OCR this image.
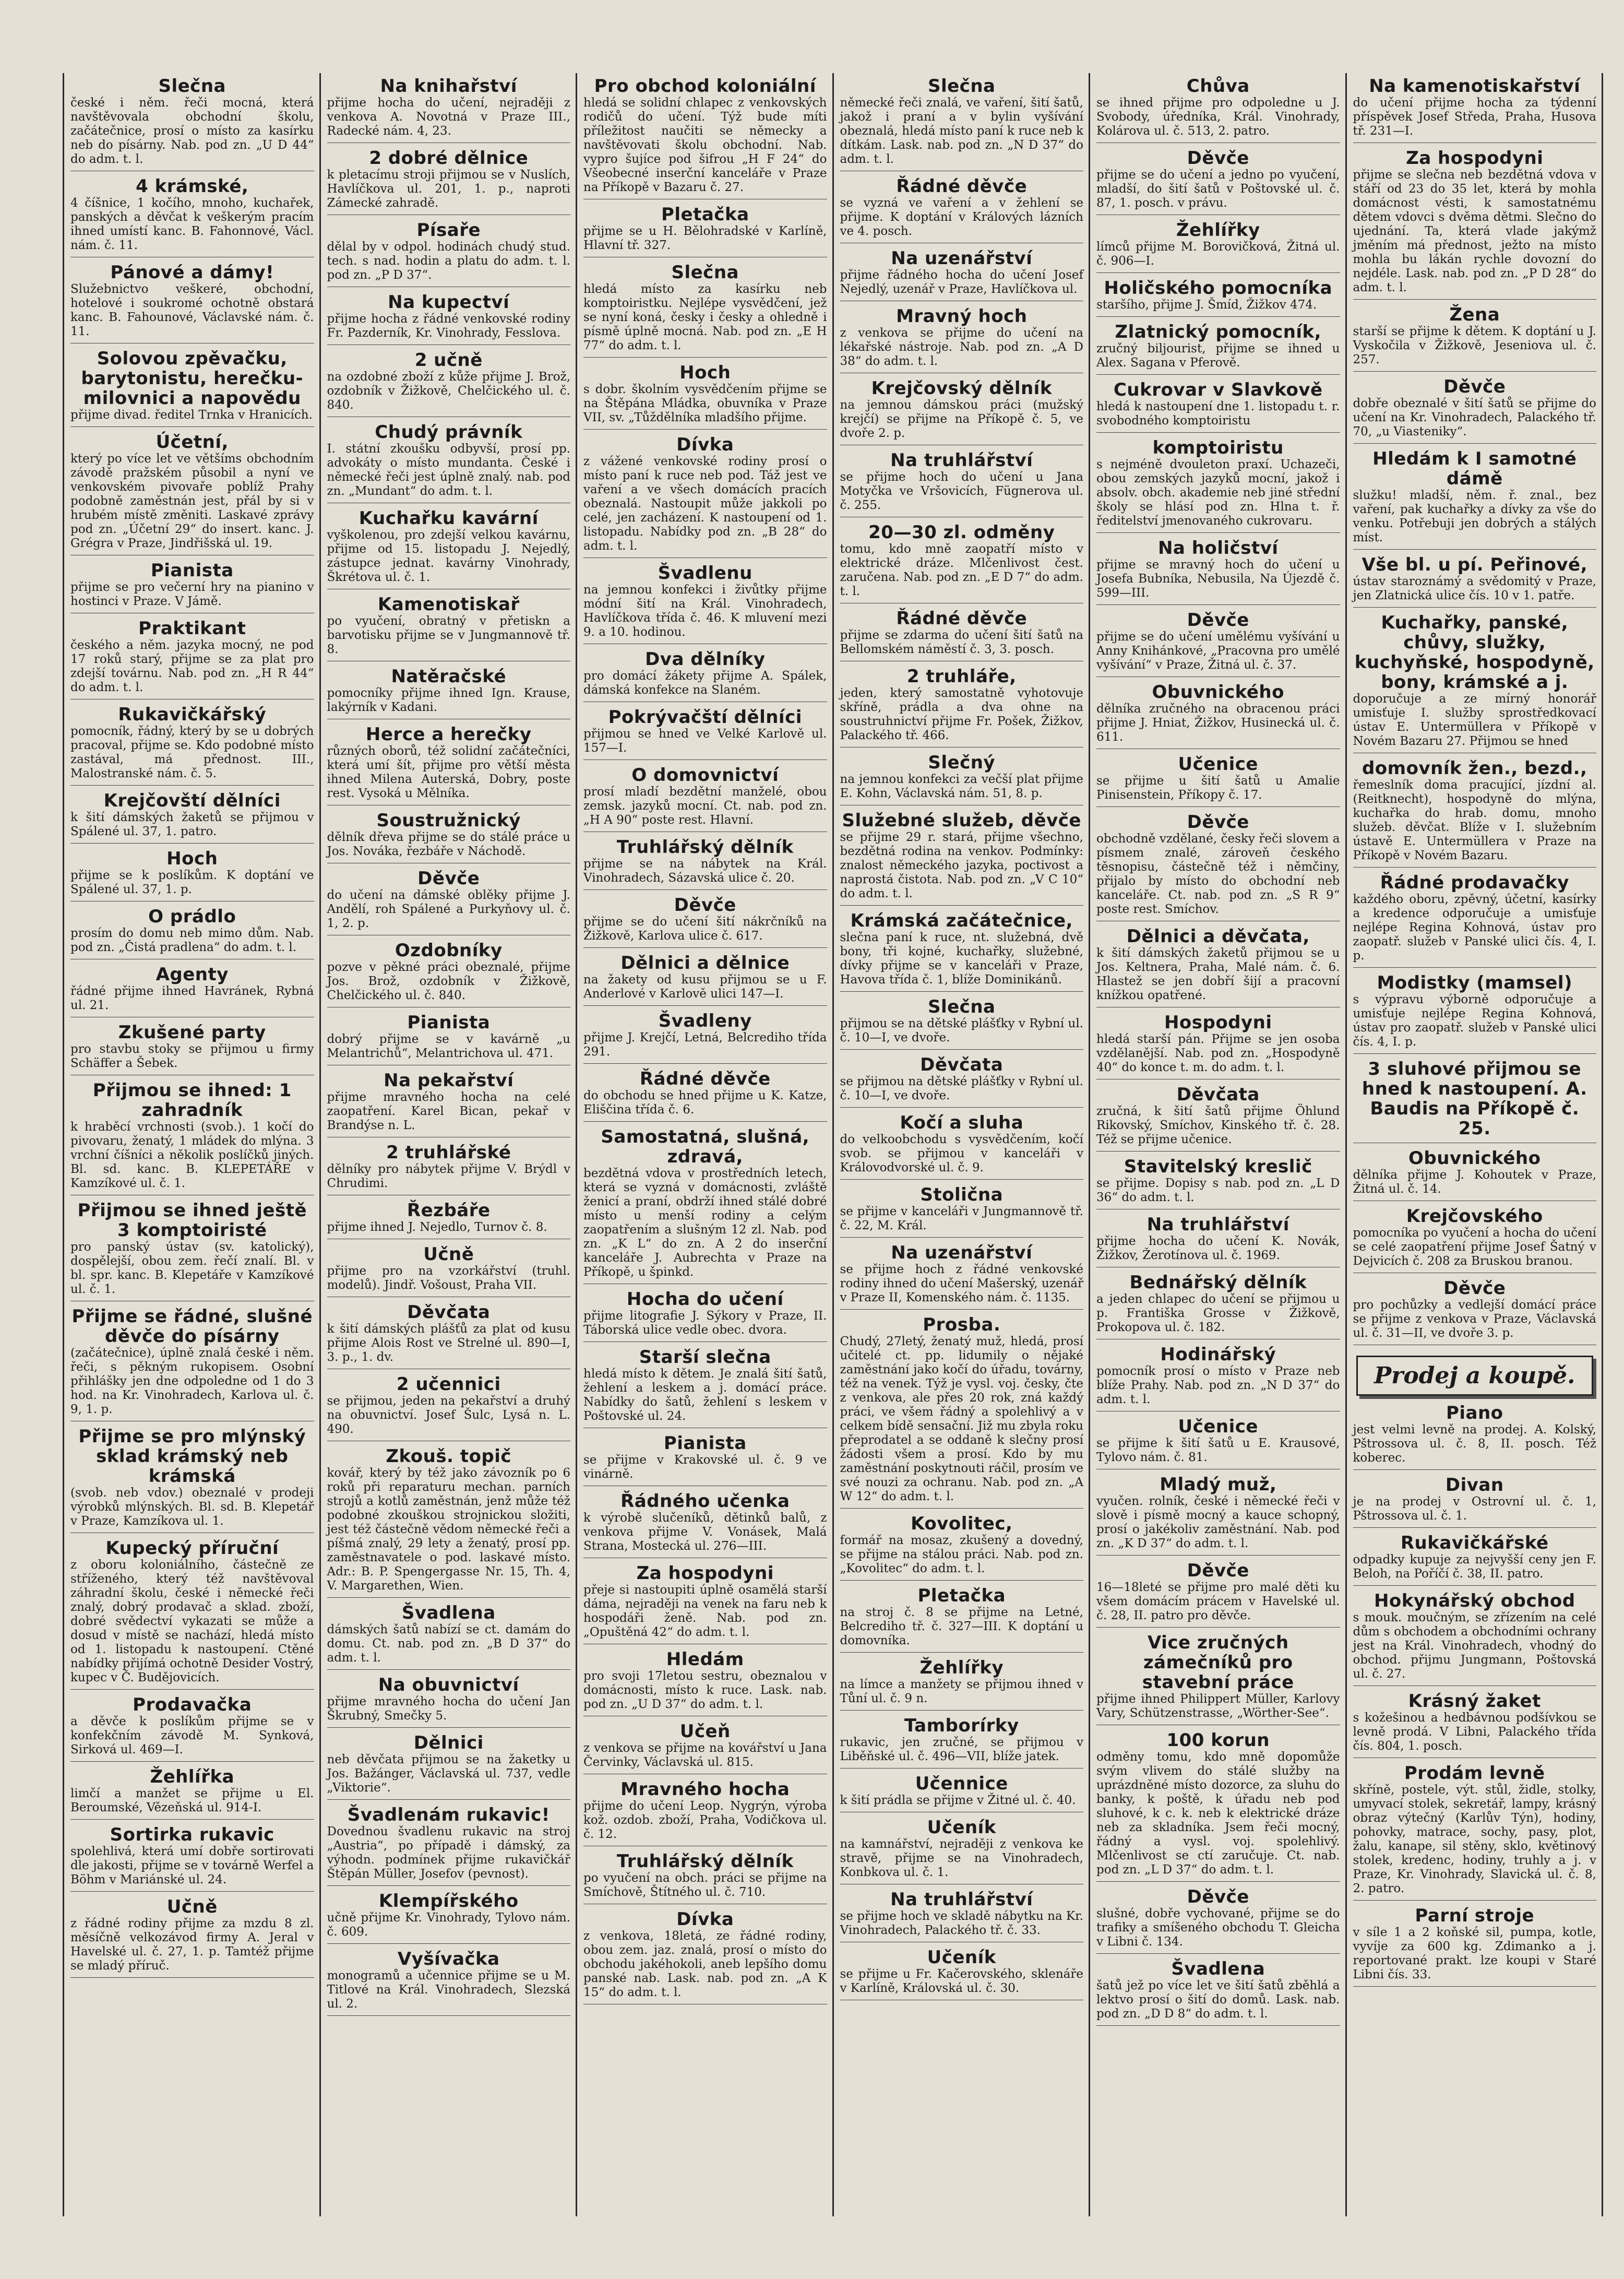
Slečna
české i něm. řeči mocná, která navštěvovala obchodní školu, začátečnice, prosí o místo za kasírku neb do písárny. Nab. pod zn. „U D 44“ do adm. t. l.
4 krámské,
4 číšnice, 1 kočího, mnoho, kuchařek, panských a děvčat k veškerým pracím ihned umístí kanc. B. Fahonnové, Václ. nám. č. 11.
Pánové a dámy!
Služebnictvo veškeré, obchodní, hotelové i soukromé ochotně obstará kanc. B. Fahounové, Václavské nám. č. 11.
Solovou zpěvačku, barytonistu, herečku-milovnici a napovědu
přijme divad. ředitel Trnka v Hranicích.
Účetní,
který po více let ve většíms obchodním závodě pražském působil a nyní ve venkovském pivovaře poblíž Prahy podobně zaměstnán jest, přál by si v hrubém místě změniti. Laskavé zprávy pod zn. „Účetní 29“ do insert. kanc. J. Grégra v Praze, Jindřišská ul. 19.
Pianista
přijme se pro večerní hry na pianino v hostinci v Praze. V Jámě.
Praktikant
českého a něm. jazyka mocný, ne pod 17 roků starý, přijme se za plat pro zdejší továrnu. Nab. pod zn. „H R 44“ do adm. t. l.
Rukavičkářský
pomocník, řádný, který by se u dobrých pracoval, přijme se. Kdo podobné místo zastával, má přednost. III., Malostranské nám. č. 5.
Krejčovští dělníci
k šití dámských žaketů se přijmou v Spálené ul. 37, 1. patro.
Hoch
přijme se k poslíkům. K doptání ve Spálené ul. 37, 1. p.
O prádlo
prosím do domu neb mimo dům. Nab. pod zn. „Čistá pradlena“ do adm. t. l.
Agenty
řádné přijme ihned Havránek, Rybná ul. 21.
Zkušené party
pro stavbu stoky se přijmou u firmy Schäffer a Šebek.
Přijmou se ihned: 1 zahradník
k hraběcí vrchnosti (svob.). 1 kočí do pivovaru, ženatý, 1 mládek do mlýna. 3 vrchní číšníci a několik poslíčků jiných. Bl. sd. kanc. B. KLEPETÁŘE v Kamzíkové ul. č. 1.
Přijmou se ihned ještě 3 komptoiristé
pro panský ústav (sv. katolický), dospělejší, obou zem. řečí znalí. Bl. v bl. spr. kanc. B. Klepetáře v Kamzíkové ul. č. 1.
Přijme se řádné, slušné děvče do písárny
(začátečnice), úplně znalá české i něm. řeči, s pěkným rukopisem. Osobní přihlášky jen dne odpoledne od 1 do 3 hod. na Kr. Vinohradech, Karlova ul. č. 9, 1. p.
Přijme se pro mlýnský sklad krámský neb krámská
(svob. neb vdov.) obeznalé v prodeji výrobků mlýnských. Bl. sd. B. Klepetář v Praze, Kamzíkova ul. 1.
Kupecký příruční
z oboru koloniálního, částečně ze stříženého, který též navštěvoval záhradní školu, české i německé řeči znalý, dobrý prodavač a sklad. zboží, dobré svědectví vykazati se může a dosud v místě se nachází, hledá místo od 1. listopadu k nastoupení. Ctěné nabídky přijímá ochotně Desider Vostrý, kupec v Č. Budějovicích.
Prodavačka
a děvče k poslíkům přijme se v konfekčním závodě M. Synková, Sirková ul. 469—I.
Žehlířka
limčí a manžet se přijme u El. Beroumské, Vězeňská ul. 914-I.
Sortirka rukavic
spolehlivá, která umí dobře sortirovati dle jakosti, přijme se v továrně Werfel a Böhm v Mariánské ul. 24.
Učně
z řádné rodiny přijme za mzdu 8 zl. měsíčně velkozávod firmy A. Jeral v Havelské ul. č. 27, 1. p. Tamtéž přijme se mladý příruč.
Na knihařství
přijme hocha do učení, nejraději z venkova A. Novotná v Praze III., Radecké nám. 4, 23.
2 dobré dělnice
k pletacímu stroji přijmou se v Nuslích, Havlíčkova ul. 201, 1. p., naproti Zámecké zahradě.
Písaře
dělal by v odpol. hodinách chudý stud. tech. s nad. hodin a platu do adm. t. l. pod zn. „P D 37“.
Na kupectví
přijme hocha z řádné venkovské rodiny Fr. Pazderník, Kr. Vinohrady, Fesslova.
2 učně
na ozdobné zboží z kůže přijme J. Brož, ozdobník v Žižkově, Chelčického ul. č. 840.
Chudý právník
I. státní zkoušku odbyvší, prosí pp. advokáty o místo mundanta. České i německé řeči jest úplně znalý. nab. pod zn. „Mundant“ do adm. t. l.
Kuchařku kavární
vyškolenou, pro zdejší velkou kavárnu, přijme od 15. listopadu J. Nejedlý, zástupce jednat. kavárny Vinohrady, Škrétova ul. č. 1.
Kamenotiskař
po vyučení, obratný v přetiskn a barvotisku přijme se v Jungmannově tř. 8.
Natěračské
pomocníky přijme ihned Ign. Krause, lakýrník v Kadani.
Herce a herečky
různých oborů, též solidní začátečníci, která umí šít, přijme pro větší města ihned Milena Auterská, Dobry, poste rest. Vysoká u Mělníka.
Soustružnický
dělník dřeva přijme se do stálé práce u Jos. Nováka, řezbáře v Náchodě.
Děvče
do učení na dámské oblěky přijme J. Andělí, roh Spálené a Purkyňovy ul. č. 1, 2. p.
Ozdobníky
pozve v pěkné práci obeznalé, přijme Jos. Brož, ozdobník v Žižkově, Chelčického ul. č. 840.
Pianista
dobrý přijme se v kavárně „u Melantrichů“, Melantrichova ul. 471.
Na pekařství
přijme mravného hocha na celé zaopatření. Karel Bican, pekař v Brandýse n. L.
2 truhlářské
dělníky pro nábytek přijme V. Brýdl v Chrudimi.
Řezbáře
přijme ihned J. Nejedlo, Turnov č. 8.
Učně
přijme pro na vzorkářství (truhl. modelů). Jindř. Vošoust, Praha VII.
Děvčata
k šití dámských plášťů za plat od kusu přijme Alois Rost ve Strelné ul. 890—I, 3. p., 1. dv.
2 učennici
se přijmou, jeden na pekařství a druhý na obuvnictví. Josef Šulc, Lysá n. L. 490.
Zkouš. topič
kovář, který by též jako závozník po 6 roků při reparaturu mechan. parních strojů a kotlů zaměstnán, jenž může též podobné zkouškou strojnickou složiti, jest též částečně vědom německé řeči a píšmá znalý, 29 lety a ženatý, prosí pp. zaměstnavatele o pod. laskavé místo. Adr.: B. P. Spengergasse Nr. 15, Th. 4, V. Margarethen, Wien.
Švadlena
dámských šatů nabízí se ct. damám do domu. Ct. nab. pod zn. „B D 37“ do adm. t. l.
Na obuvnictví
přijme mravného hocha do učení Jan Škrubný, Smečky 5.
Dělnici
neb děvčata přijmou se na žaketky u Jos. Bažánger, Václavská ul. 737, vedle „Viktorie“.
Švadlenám rukavic!
Dovednou švadlenu rukavic na stroj „Austria“, po případě i dámský, za výhodn. podmínek přijme rukavičkář Štěpán Müller, Josefov (pevnost).
Klempířského
učně přijme Kr. Vinohrady, Tylovo nám. č. 609.
Vyšívačka
monogramů a učennice přijme se u M. Titlové na Král. Vinohradech, Slezská ul. 2.
Pro obchod koloniální
hledá se solidní chlapec z venkovských rodičů do učení. Týž bude míti příležitost naučiti se německy a navštěvovati školu obchodní. Nab. vypro šujíce pod šifrou „H F 24“ do Všeobecné inserční kanceláře v Praze na Příkopě v Bazaru č. 27.
Pletačka
přijme se u H. Bělohradské v Karlíně, Hlavní tř. 327.
Slečna
hledá místo za kasírku neb komptoiristku. Nejlépe vysvědčení, jež se nyní koná, česky i česky a ohledně i písmě úplně mocná. Nab. pod zn. „E H 77“ do adm. t. l.
Hoch
s dobr. školním vysvědčením přijme se na Štěpána Mládka, obuvníka v Praze VII, sv. „Tůždělníka mladšího přijme.
Dívka
z vážené venkovské rodiny prosí o místo paní k ruce neb pod. Táž jest ve vaření a ve všech domácích pracích obeznalá. Nastoupit může jakkoli po celé, jen zacházení. K nastoupení od 1. listopadu. Nabídky pod zn. „B 28“ do adm. t. l.
Švadlenu
na jemnou konfekci i živůtky přijme módní šití na Král. Vinohradech, Havlíčkova třída č. 46. K mluvení mezi 9. a 10. hodinou.
Dva dělníky
pro domácí žákety přijme A. Spálek, dámská konfekce na Slaném.
Pokrývačští dělníci
přijmou se hned ve Velké Karlově ul. 157—I.
O domovnictví
prosí mladí bezdětní manželé, obou zemsk. jazyků mocní. Ct. nab. pod zn. „H A 90“ poste rest. Hlavní.
Truhlářský dělník
přijme se na nábytek na Král. Vinohradech, Sázavská ulice č. 20.
Děvče
přijme se do učení šití nákrčníků na Žižkově, Karlova ulice č. 617.
Dělnici a dělnice
na žakety od kusu přijmou se u F. Anderlové v Karlově ulici 147—I.
Švadleny
přijme J. Krejčí, Letná, Belcrediho třída 291.
Řádné děvče
do obchodu se hned přijme u K. Katze, Eliščina třída č. 6.
Samostatná, slušná, zdravá,
bezdětná vdova v prostředních letech, která se vyzná v domácnosti, zvláště ženicí a praní, obdrží ihned stálé dobré místo u menší rodiny a celým zaopatřením a slušným 12 zl. Nab. pod zn. „K L“ do zn. A 2 do inserční kanceláře J. Aubrechta v Praze na Příkopě, u špinkd.
Hocha do učení
přijme litografie J. Sýkory v Praze, II. Táborská ulice vedle obec. dvora.
Starší slečna
hledá místo k dětem. Je znalá šití šatů, žehlení a leskem a j. domácí práce. Nabídky do šatů, žehlení s leskem v Poštovské ul. 24.
Pianista
se přijme v Krakovské ul. č. 9 ve vinárně.
Řádného učenka
k výrobě slučeníků, dětinků balů, z venkova přijme V. Vonásek, Malá Strana, Mostecká ul. 276—III.
Za hospodyni
přeje si nastoupiti úplně osamělá starší dáma, nejraději na venek na faru neb k hospodáři ženě. Nab. pod zn. „Opuštěná 42“ do adm. t. l.
Hledám
pro svoji 17letou sestru, obeznalou v domácnosti, místo k ruce. Lask. nab. pod zn. „U D 37“ do adm. t. l.
Učeň
z venkova se přijme na kovářství u Jana Červinky, Václavská ul. 815.
Mravného hocha
přijme do učení Leop. Nygrýn, výroba kož. ozdob. zboží, Praha, Vodičkova ul. č. 12.
Truhlářský dělník
po vyučení na obch. práci se přijme na Smíchově, Štítného ul. č. 710.
Dívka
z venkova, 18letá, ze řádné rodiny, obou zem. jaz. znalá, prosí o místo do obchodu jakéhokoli, aneb lepšího domu panské nab. Lask. nab. pod zn. „A K 15“ do adm. t. l.
Slečna
německé řeči znalá, ve vaření, šití šatů, jakož i praní a v bylin vyšívání obeznalá, hledá místo paní k ruce neb k dítkám. Lask. nab. pod zn. „N D 37“ do adm. t. l.
Řádné děvče
se vyzná ve vaření a v žehlení se přijme. K doptání v Králových lázních ve 4. posch.
Na uzenářství
přijme řádného hocha do učení Josef Nejedlý, uzenář v Praze, Havlíčkova ul.
Mravný hoch
z venkova se přijme do učení na lékařské nástroje. Nab. pod zn. „A D 38“ do adm. t. l.
Krejčovský dělník
na jemnou dámskou práci (mužský krejčí) se přijme na Příkopě č. 5, ve dvoře 2. p.
Na truhlářství
se přijme hoch do učení u Jana Motyčka ve Vršovicích, Fügnerova ul. č. 255.
20—30 zl. odměny
tomu, kdo mně zaopatří místo v elektrické dráze. Mlčenlivost čest. zaručena. Nab. pod zn. „E D 7“ do adm. t. l.
Řádné děvče
přijme se zdarma do učení šití šatů na Bellomském náměstí č. 3, 3. posch.
2 truhláře,
jeden, který samostatně vyhotovuje skříně, prádla a dva ohne na soustruhnictví přijme Fr. Pošek, Žižkov, Palackého tř. 466.
Slečný
na jemnou konfekci za večší plat přijme E. Kohn, Václavská nám. 51, 8. p.
Služebné služeb, děvče
se přijme 29 r. stará, přijme všechno, bezdětná rodina na venkov. Podmínky: znalost německého jazyka, poctivost a naprostá čistota. Nab. pod zn. „V C 10“ do adm. t. l.
Krámská začátečnice,
slečna paní k ruce, nt. služebná, dvě bony, tři kojné, kuchařky, služebné, dívky přijme se v kanceláři v Praze, Havova třída č. 1, blíže Dominikánů.
Slečna
přijmou se na dětské plášťky v Rybní ul. č. 10—I, ve dvoře.
Děvčata
se přijmou na dětské plášťky v Rybní ul. č. 10—I, ve dvoře.
Kočí a sluha
do velkoobchodu s vysvědčením, kočí svob. se přijmou v kanceláři v Královodvorské ul. č. 9.
Stolična
se přijme v kanceláři v Jungmannově tř. č. 22, M. Král.
Na uzenářství
se přijme hoch z řádné venkovské rodiny ihned do učení Mašerský, uzenář v Praze II, Komenského nám. č. 1135.
Prosba.
Chudý, 27letý, ženatý muž, hledá, prosí učitelé ct. pp. lidumily o nějaké zaměstnání jako kočí do úřadu, továrny, též na venek. Týž je vysl. voj. česky, čte z venkova, ale přes 20 rok, zná každý práci, ve všem řádný a spolehlivý a v celkem bídě sensační. Již mu zbyla roku přeprodatel a se oddaně k slečny prosí žádosti všem a prosí. Kdo by mu zaměstnání poskytnouti ráčil, prosím ve své nouzi za ochranu. Nab. pod zn. „A W 12“ do adm. t. l.
Kovolitec,
formář na mosaz, zkušený a dovedný, se přijme na stálou práci. Nab. pod zn. „Kovolitec“ do adm. t. l.
Pletačka
na stroj č. 8 se přijme na Letné, Belcrediho tř. č. 327—III. K doptání u domovníka.
Žehlířky
na límce a manžety se přijmou ihned v Tůní ul. č. 9 n.
Tamborírky
rukavic, jen zručné, se přijmou v Liběňské ul. č. 496—VII, blíže jatek.
Učennice
k šití prádla se přijme v Žitné ul. č. 40.
Učeník
na kamnářství, nejraději z venkova ke stravě, přijme se na Vinohradech, Konbkova ul. č. 1.
Na truhlářství
se přijme hoch ve skladě nábytku na Kr. Vinohradech, Palackého tř. č. 33.
Učeník
se přijme u Fr. Kačerovského, sklenáře v Karlíně, Královská ul. č. 30.
Chůva
se ihned přijme pro odpoledne u J. Svobody, úředníka, Král. Vinohrady, Kolárova ul. č. 513, 2. patro.
Děvče
přijme se do učení a jedno po vyučení, mladší, do šití šatů v Poštovské ul. č. 87, 1. posch. v právu.
Žehlířky
límců přijme M. Borovičková, Žitná ul. č. 906—I.
Holičského pomocníka
staršího, přijme J. Šmíd, Žižkov 474.
Zlatnický pomocník,
zručný biljourist, přijme se ihned u Alex. Sagana v Pferově.
Cukrovar v Slavkově
hledá k nastoupení dne 1. listopadu t. r. svobodného komptoiristu
komptoiristu
s nejméně dvouleton praxí. Uchazeči, obou zemských jazyků mocní, jakož i absolv. obch. akademie neb jiné střední školy se hlásí pod zn. Hlna t. ř. ředitelství jmenovaného cukrovaru.
Na holičství
přijme se mravný hoch do učení u Josefa Bubníka, Nebusila, Na Újezdě č. 599—III.
Děvče
přijme se do učení umělému vyšívání u Anny Knihánkové, „Pracovna pro umělé vyšívání“ v Praze, Žitná ul. č. 37.
Obuvnického
dělníka zručného na obracenou práci přijme J. Hniat, Žižkov, Husinecká ul. č. 611.
Učenice
se přijme u šití šatů u Amalie Pinisenstein, Příkopy č. 17.
Děvče
obchodně vzdělané, česky řeči slovem a písmem znalé, zároveň českého těsnopisu, částečně též i němčiny, přijalo by místo do obchodní neb kanceláře. Ct. nab. pod zn. „S R 9“ poste rest. Smíchov.
Dělnici a děvčata,
k šití dámských žaketů přijmou se u Jos. Keltnera, Praha, Malé nám. č. 6. Hlastež se jen dobří šijí a pracovní knížkou opatřené.
Hospodyni
hledá starší pán. Přijme se jen osoba vzdělanější. Nab. pod zn. „Hospodyně 40“ do konce t. m. do adm. t. l.
Děvčata
zručná, k šití šatů přijme Öhlund Rikovský, Smíchov, Kinského tř. č. 28. Též se přijme učenice.
Stavitelský kreslič
se přijme. Dopisy s nab. pod zn. „L D 36“ do adm. t. l.
Na truhlářství
přijme hocha do učení K. Novák, Žižkov, Žerotínova ul. č. 1969.
Bednářský dělník
a jeden chlapec do učení se přijmou u p. Františka Grosse v Žižkově, Prokopova ul. č. 182.
Hodinářský
pomocník prosí o místo v Praze neb blíže Prahy. Nab. pod zn. „N D 37“ do adm. t. l.
Učenice
se přijme k šití šatů u E. Krausové, Tylovo nám. č. 81.
Mladý muž,
vyučen. rolník, české i německé řeči v slově i písmě mocný a kauce schopný, prosí o jakékoliv zaměstnání. Nab. pod zn. „K D 37“ do adm. t. l.
Děvče
16—18leté se přijme pro malé děti ku všem domácím prácem v Havelské ul. č. 28, II. patro pro děvče.
Vice zručných zámečníků pro stavební práce
přijme ihned Philippert Müller, Karlovy Vary, Schützenstrasse, „Wörther-See“.
100 korun
odměny tomu, kdo mně dopomůže svým vlivem do stálé služby na uprázdněné místo dozorce, za sluhu do banky, k poště, k úřadu neb pod sluhové, k c. k. neb k elektrické dráze neb za skladníka. Jsem řeči mocný, řádný a vysl. voj. spolehlivý. Mlčenlivost se ctí zaručuje. Ct. nab. pod zn. „L D 37“ do adm. t. l.
Děvče
slušné, dobře vychované, přijme se do trafiky a smíšeného obchodu T. Gleicha v Libni č. 134.
Švadlena
šatů jež po více let ve šití šatů zběhlá a lektvo prosí o šití do domů. Lask. nab. pod zn. „D D 8“ do adm. t. l.
Na kamenotiskařství
do učení přijme hocha za týdenní příspěvek Josef Středa, Praha, Husova tř. 231—I.
Za hospodyni
přijme se slečna neb bezdětná vdova v stáří od 23 do 35 let, která by mohla domácnost vésti, k samostatnému dětem vdovci s dvěma dětmi. Slečno do ujednání. Ta, která vlade jakýmž jměním má přednost, ježto na místo mohla bu lákán rychle dovozní do nejdéle. Lask. nab. pod zn. „P D 28“ do adm. t. l.
Žena
starší se přijme k dětem. K doptání u J. Vyskočila v Žižkově, Jeseniova ul. č. 257.
Děvče
dobře obeznalé v šití šatů se přijme do učení na Kr. Vinohradech, Palackého tř. 70, „u Viasteniky“.
Hledám k I samotné dámě
služku! mladší, něm. ř. znal., bez vaření, pak kuchařky a dívky za vše do venku. Potřebuji jen dobrých a stálých míst.
Vše bl. u pí. Peřinové,
ústav staroznámý a svědomitý v Praze, jen Zlatnická ulice čís. 10 v 1. patře.
Kuchařky, panské, chůvy, služky, kuchyňské, hospodyně, bony, krámské a j.
doporučuje a ze mírný honorář umisťuje I. služby sprostředkovací ústav E. Untermüllera v Příkopě v Novém Bazaru 27. Přijmou se hned
domovník žen., bezd.,
řemeslník doma pracující, jízdní al. (Reitknecht), hospodyně do mlýna, kuchařka do hrab. domu, mnoho služeb. děvčat. Blíže v I. služebním ústavě E. Untermüllera v Praze na Příkopě v Novém Bazaru.
Řádné prodavačky
každého oboru, zpěvný, účetní, kasírky a kredence odporučuje a umisťuje nejlépe Regina Kohnová, ústav pro zaopatř. služeb v Panské ulici čís. 4, I. p.
Modistky (mamsel)
s výpravu výborně odporučuje a umisťuje nejlépe Regina Kohnová, ústav pro zaopatř. služeb v Panské ulici čís. 4, I. p.
3 sluhové přijmou se hned k nastoupení. A. Baudis na Příkopě č. 25.
Obuvnického
dělníka přijme J. Kohoutek v Praze, Žitná ul. č. 14.
Krejčovského
pomocníka po vyučení a hocha do učení se celé zaopatření přijme Josef Šatný v Dejvicích č. 208 za Bruskou branou.
Děvče
pro pochůzky a vedlejší domácí práce se přijme z venkova v Praze, Václavská ul. č. 31—II, ve dvoře 3. p.
Prodej a koupě.
Piano
jest velmi levně na prodej. A. Kolský, Pštrossova ul. č. 8, II. posch. Též koberec.
Divan
je na prodej v Ostrovní ul. č. 1, Pštrossova ul. č. 1.
Rukavičkářské
odpadky kupuje za nejvyšší ceny jen F. Beloh, na Poříčí č. 38, II. patro.
Hokynářský obchod
s mouk. moučným, se zřízením na celé dům s obchodem a obchodními ochrany jest na Král. Vinohradech, vhodný do obchod. přijmu Jungmann, Poštovská ul. č. 27.
Krásný žaket
s kožešinou a hedbávnou podšívkou se levně prodá. V Libni, Palackého třída čís. 804, 1. posch.
Prodám levně
skříně, postele, výt. stůl, židle, stolky, umyvací stolek, sekretář, lampy, krásný obraz výtečný (Karlův Týn), hodiny, pohovky, matrace, sochy, pasy, plot, žalu, kanape, sil stěny, sklo, květinový stolek, kredenc, hodiny, truhly a j. v Praze, Kr. Vinohrady, Slavická ul. č. 8, 2. patro.
Parní stroje
v síle 1 a 2 koňské sil, pumpa, kotle, vyvíje za 600 kg. Zdimanko a j. reportované prakt. lze koupi v Staré Libni čís. 33.
